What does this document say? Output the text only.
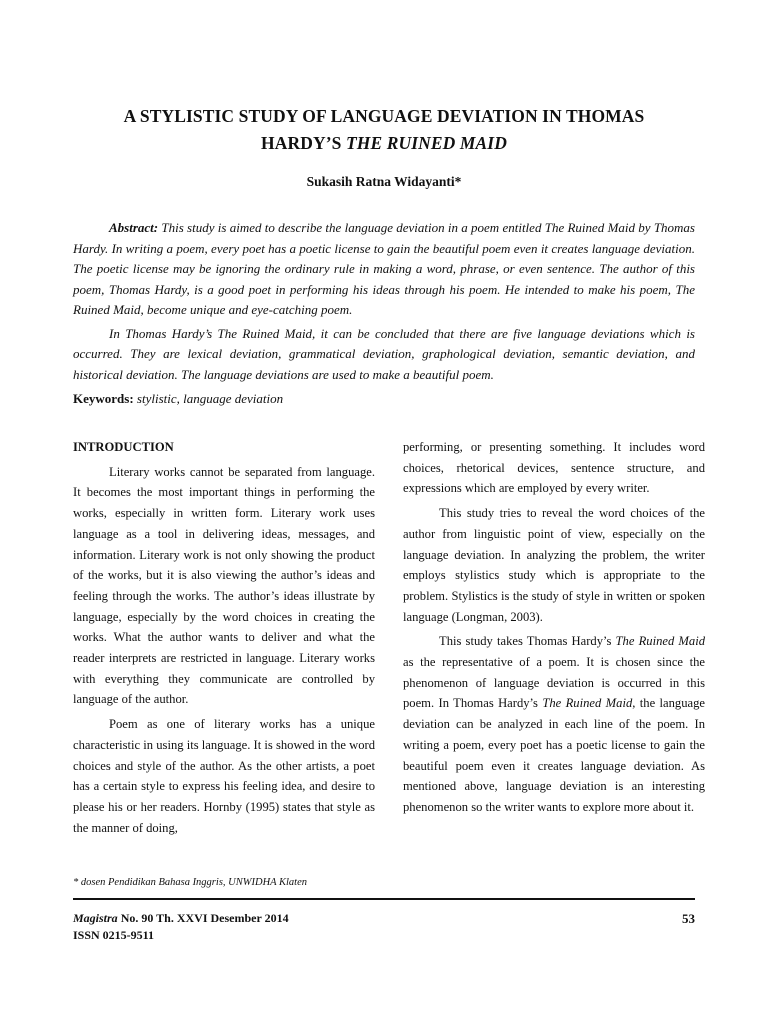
A STYLISTIC STUDY OF LANGUAGE DEVIATION IN THOMAS
HARDY’S THE RUINED MAID
Sukasih Ratna Widayanti*

Abstract: This study is aimed to describe the language deviation in a poem entitled The Ruined Maid by Thomas Hardy. In writing a poem, every poet has a poetic license to gain the beautiful poem even it creates language deviation. The poetic license may be ignoring the ordinary rule in making a word, phrase, or even sentence. The author of this poem, Thomas Hardy, is a good poet in performing his ideas through his poem. He intended to make his poem, The Ruined Maid, become unique and eye-catching poem.

In Thomas Hardy’s The Ruined Maid, it can be concluded that there are five language deviations which is occurred. They are lexical deviation, grammatical deviation, graphological deviation, semantic deviation, and historical deviation. The language deviations are used to make a beautiful poem.

Keywords: stylistic, language deviation
INTRODUCTION

Literary works cannot be separated from language. It becomes the most important things in performing the works, especially in written form. Literary work uses language as a tool in delivering ideas, messages, and information. Literary work is not only showing the product of the works, but it is also viewing the author’s ideas and feeling through the works. The author’s ideas illustrate by language, especially by the word choices in creating the works. What the author wants to deliver and what the reader interprets are restricted in language. Literary works with everything they communicate are controlled by language of the author.

Poem as one of literary works has a unique characteristic in using its language. It is showed in the word choices and style of the author. As the other artists, a poet has a certain style to express his feeling idea, and desire to please his or her readers. Hornby (1995) states that style as the manner of doing,

performing, or presenting something. It includes word choices, rhetorical devices, sentence structure, and expressions which are employed by every writer.

This study tries to reveal the word choices of the author from linguistic point of view, especially on the language deviation. In analyzing the problem, the writer employs stylistics study which is appropriate to the problem. Stylistics is the study of style in written or spoken language (Longman, 2003).

This study takes Thomas Hardy’s The Ruined Maid as the representative of a poem. It is chosen since the phenomenon of language deviation is occurred in this poem. In Thomas Hardy’s The Ruined Maid, the language deviation can be analyzed in each line of the poem. In writing a poem, every poet has a poetic license to gain the beautiful poem even it creates language deviation. As mentioned above, language deviation is an interesting phenomenon so the writer wants to explore more about it.

* dosen Pendidikan Bahasa Inggris, UNWIDHA Klaten
Magistra No. 90 Th. XXVI Desember 2014
ISSN 0215-9511
53
